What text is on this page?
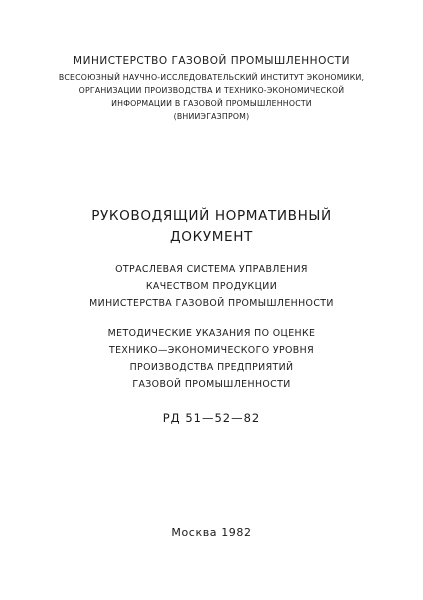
МИНИСТЕРСТВО ГАЗОВОЙ ПРОМЫШЛЕННОСТИ
ВСЕСОЮЗНЫЙ НАУЧНО-ИССЛЕДОВАТЕЛЬСКИЙ ИНСТИТУТ ЭКОНОМИКИ,
ОРГАНИЗАЦИИ ПРОИЗВОДСТВА И ТЕХНИКО-ЭКОНОМИЧЕСКОЙ
ИНФОРМАЦИИ В ГАЗОВОЙ ПРОМЫШЛЕННОСТИ
(ВНИИЭГАЗПРОМ)
РУКОВОДЯЩИЙ НОРМАТИВНЫЙ
ДОКУМЕНТ
ОТРАСЛЕВАЯ СИСТЕМА УПРАВЛЕНИЯ
КАЧЕСТВОМ ПРОДУКЦИИ
МИНИСТЕРСТВА ГАЗОВОЙ ПРОМЫШЛЕННОСТИ
МЕТОДИЧЕСКИЕ УКАЗАНИЯ ПО ОЦЕНКЕ
ТЕХНИКО—ЭКОНОМИЧЕСКОГО УРОВНЯ
ПРОИЗВОДСТВА ПРЕДПРИЯТИЙ
ГАЗОВОЙ ПРОМЫШЛЕННОСТИ
РД 51—52—82
Москва 1982
